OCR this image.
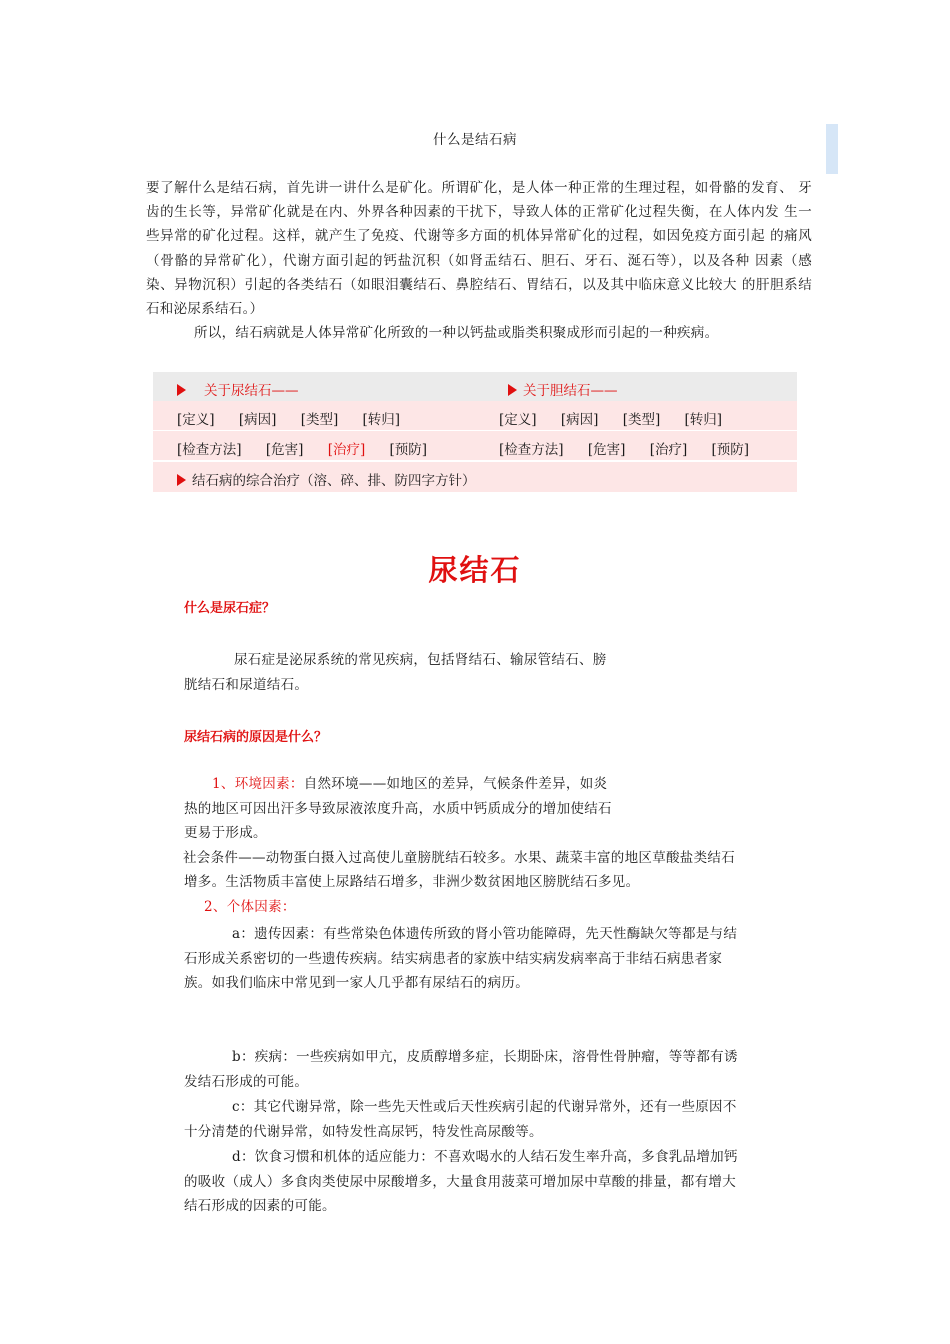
什么是结石病

要了解什么是结石病，首先讲一讲什么是矿化。所谓矿化，是人体一种正常的生理过程，如骨骼的发育、 牙齿的生长等，异常矿化就是在内、外界各种因素的干扰下，导致人体的正常矿化过程失衡，在人体内发 生一些异常的矿化过程。这样，就产生了免疫、代谢等多方面的机体异常矿化的过程，如因免疫方面引起 的痛风（骨骼的异常矿化），代谢方面引起的钙盐沉积（如肾盂结石、胆石、牙石、涎石等），以及各种 因素（感染、异物沉积）引起的各类结石（如眼泪囊结石、鼻腔结石、胃结石，以及其中临床意义比较大 的肝胆系结石和泌尿系结石。）

所以，结石病就是人体异常矿化所致的一种以钙盐或脂类积聚成形而引起的一种疾病。

关于尿结石——	关于胆结石——
[定义] [病因] [类型] [转归]	[定义] [病因] [类型] [转归]
[检查方法] [危害] [治疗] [预防]	[检查方法] [危害] [治疗] [预防]
结石病的综合治疗（溶、碎、排、防四字方针）
尿结石
什么是尿石症？
尿石症是泌尿系统的常见疾病，包括肾结石、输尿管结石、膀
胱结石和尿道结石。
尿结石病的原因是什么？
1、环境因素：自然环境——如地区的差异，气候条件差异，如炎
热的地区可因出汗多导致尿液浓度升高，水质中钙质成分的增加使结石
更易于形成。
社会条件——动物蛋白摄入过高使儿童膀胱结石较多。水果、蔬菜丰富的地区草酸盐类结石
增多。生活物质丰富使上尿路结石增多，非洲少数贫困地区膀胱结石多见。
2、个体因素：
a：遗传因素：有些常染色体遗传所致的肾小管功能障碍，先天性酶缺欠等都是与结
石形成关系密切的一些遗传疾病。结实病患者的家族中结实病发病率高于非结石病患者家
族。如我们临床中常见到一家人几乎都有尿结石的病历。
b：疾病：一些疾病如甲亢，皮质醇增多症，长期卧床，溶骨性骨肿瘤，等等都有诱
发结石形成的可能。
c：其它代谢异常，除一些先天性或后天性疾病引起的代谢异常外，还有一些原因不
十分清楚的代谢异常，如特发性高尿钙，特发性高尿酸等。
d：饮食习惯和机体的适应能力：不喜欢喝水的人结石发生率升高，多食乳品增加钙
的吸收（成人）多食肉类使尿中尿酸增多，大量食用菠菜可增加尿中草酸的排量，都有增大
结石形成的因素的可能。
